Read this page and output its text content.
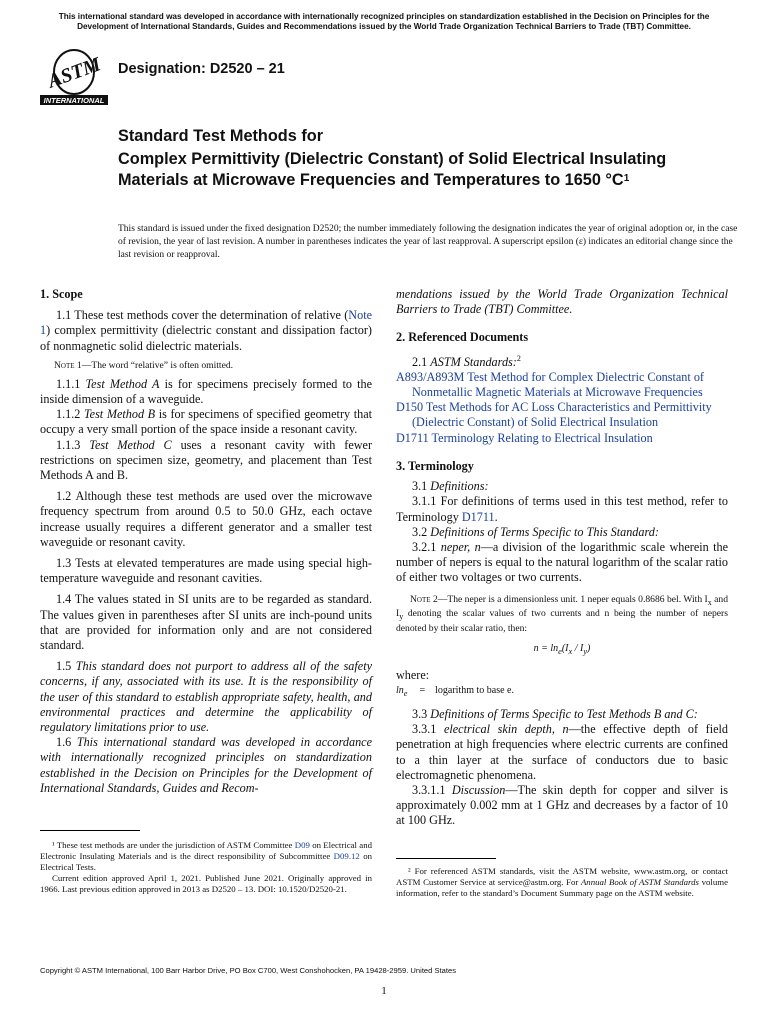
This international standard was developed in accordance with internationally recognized principles on standardization established in the Decision on Principles for the Development of International Standards, Guides and Recommendations issued by the World Trade Organization Technical Barriers to Trade (TBT) Committee.
ASTM
INTERNATIONAL
Designation: D2520 – 21
Standard Test Methods for
Complex Permittivity (Dielectric Constant) of Solid Electrical Insulating Materials at Microwave Frequencies and Temperatures to 1650 $^\circ C^1$
This standard is issued under the fixed designation D2520; the number immediately following the designation indicates the year of original adoption or, in the case of revision, the year of last revision. A number in parentheses indicates the year of last reapproval. A superscript epsilon (ε) indicates an editorial change since the last revision or reapproval.

1. Scope

1.1 These test methods cover the determination of relative (Note 1) complex permittivity (dielectric constant and dissipation factor) of nonmagnetic solid dielectric materials.

Note 1—The word “relative” is often omitted.

1.1.1 Test Method A is for specimens precisely formed to the inside dimension of a waveguide.

1.1.2 Test Method B is for specimens of specified geometry that occupy a very small portion of the space inside a resonant cavity.

1.1.3 Test Method C uses a resonant cavity with fewer restrictions on specimen size, geometry, and placement than Test Methods A and B.

1.2 Although these test methods are used over the microwave frequency spectrum from around 0.5 to 50.0 GHz, each octave increase usually requires a different generator and a smaller test waveguide or resonant cavity.

1.3 Tests at elevated temperatures are made using special high-temperature waveguide and resonant cavities.

1.4 The values stated in SI units are to be regarded as standard. The values given in parentheses after SI units are inch-pound units that are provided for information only and are not considered standard.

1.5 This standard does not purport to address all of the safety concerns, if any, associated with its use. It is the responsibility of the user of this standard to establish appropriate safety, health, and environmental practices and determine the applicability of regulatory limitations prior to use.

1.6 This international standard was developed in accordance with internationally recognized principles on standardization established in the Decision on Principles for the Development of International Standards, Guides and Recom-

¹ These test methods are under the jurisdiction of ASTM Committee D09 on Electrical and Electronic Insulating Materials and is the direct responsibility of Subcommittee D09.12 on Electrical Tests.

Current edition approved April 1, 2021. Published June 2021. Originally approved in 1966. Last previous edition approved in 2013 as D2520 – 13. DOI: 10.1520/D2520-21.

mendations issued by the World Trade Organization Technical Barriers to Trade (TBT) Committee.

2. Referenced Documents

2.1 ASTM Standards:$^2$

A893/A893M Test Method for Complex Dielectric Constant of Nonmetallic Magnetic Materials at Microwave Frequencies

D150 Test Methods for AC Loss Characteristics and Permittivity (Dielectric Constant) of Solid Electrical Insulation

D1711 Terminology Relating to Electrical Insulation

3. Terminology

3.1 Definitions:

3.1.1 For definitions of terms used in this test method, refer to Terminology D1711.

3.2 Definitions of Terms Specific to This Standard:

3.2.1 neper, n—a division of the logarithmic scale wherein the number of nepers is equal to the natural logarithm of the scalar ratio of either two voltages or two currents.

Note 2—The neper is a dimensionless unit. 1 neper equals 0.8686 bel. With $I_x$ and $I_y$ denoting the scalar values of two currents and n being the number of nepers denoted by their scalar ratio, then:

$n = \ln_e(I_x / I_y)$

where:

$\ln_e$ = logarithm to base e.

3.3 Definitions of Terms Specific to Test Methods B and C:

3.3.1 electrical skin depth, n—the effective depth of field penetration at high frequencies where electric currents are confined to a thin layer at the surface of conductors due to basic electromagnetic phenomena.

3.3.1.1 Discussion—The skin depth for copper and silver is approximately 0.002 mm at 1 GHz and decreases by a factor of 10 at 100 GHz.

² For referenced ASTM standards, visit the ASTM website, www.astm.org, or contact ASTM Customer Service at service@astm.org. For Annual Book of ASTM Standards volume information, refer to the standard’s Document Summary page on the ASTM website.

Copyright © ASTM International, 100 Barr Harbor Drive, PO Box C700, West Conshohocken, PA 19428-2959. United States
1
